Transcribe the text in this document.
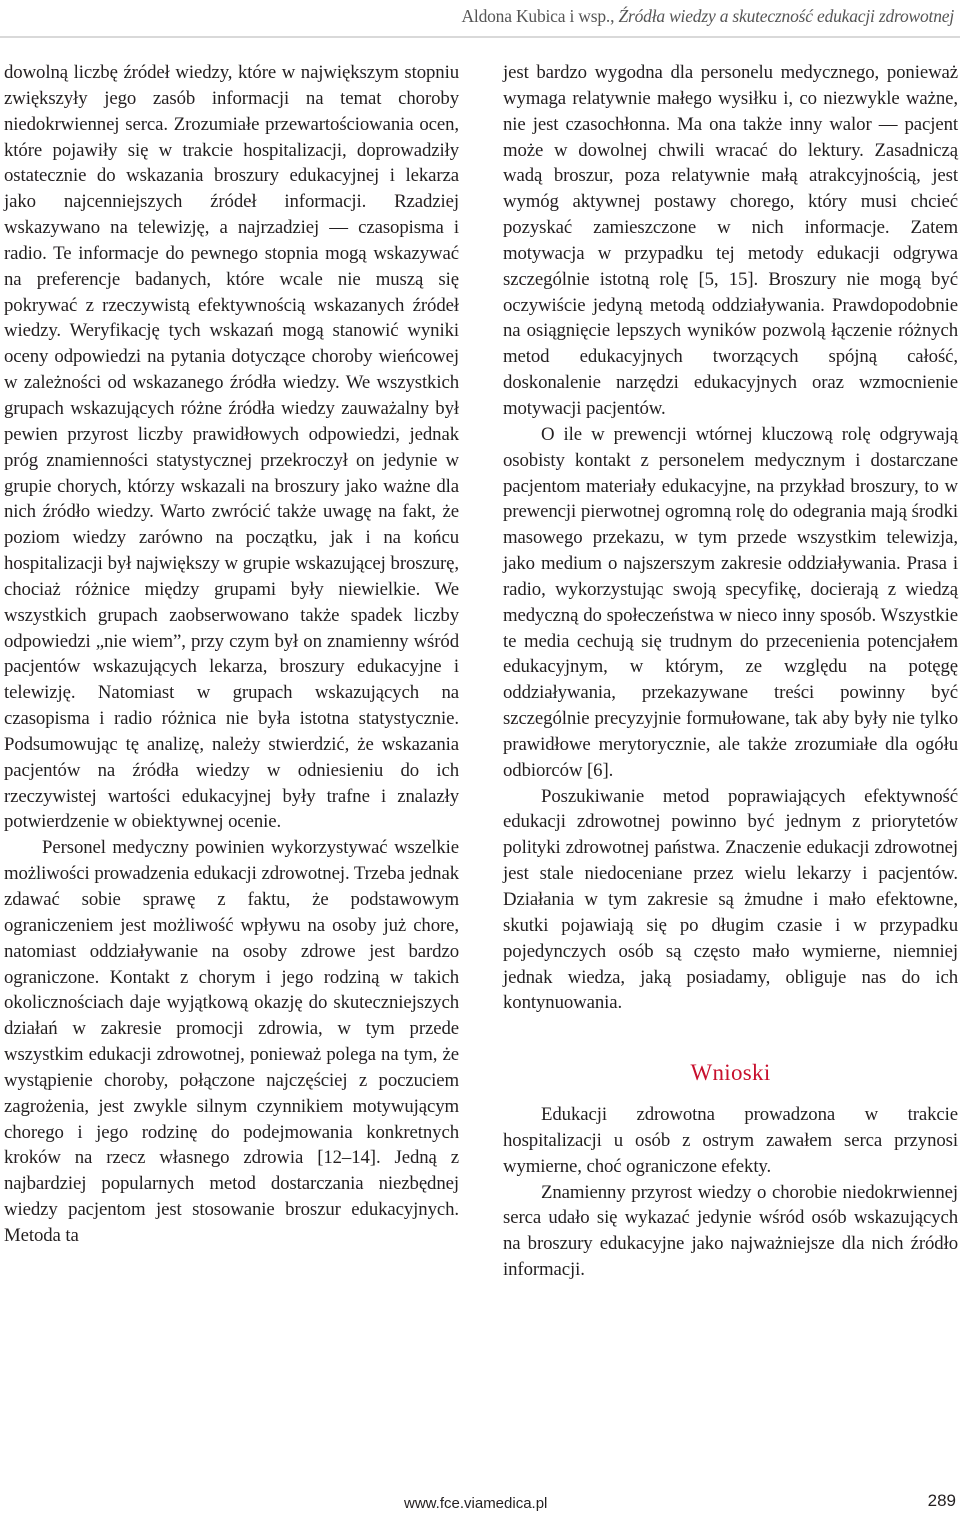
Aldona Kubica i wsp., Źródła wiedzy a skuteczność edukacji zdrowotnej

dowolną liczbę źródeł wiedzy, które w największym stopniu zwiększyły jego zasób informacji na temat choroby niedokrwiennej serca. Zrozumiałe przewartościowania ocen, które pojawiły się w trakcie hospitalizacji, doprowadziły ostatecznie do wskazania broszury edukacyjnej i lekarza jako najcenniejszych źródeł informacji. Rzadziej wskazywano na telewizję, a najrzadziej — czasopisma i radio. Te informacje do pewnego stopnia mogą wskazywać na preferencje badanych, które wcale nie muszą się pokrywać z rzeczywistą efektywnością wskazanych źródeł wiedzy. Weryfikację tych wskazań mogą stanowić wyniki oceny odpowiedzi na pytania dotyczące choroby wieńcowej w zależności od wskazanego źródła wiedzy. We wszystkich grupach wskazujących różne źródła wiedzy zauważalny był pewien przyrost liczby prawidłowych odpowiedzi, jednak próg znamienności statystycznej przekroczył on jedynie w grupie chorych, którzy wskazali na broszury jako ważne dla nich źródło wiedzy. Warto zwrócić także uwagę na fakt, że poziom wiedzy zarówno na początku, jak i na końcu hospitalizacji był największy w grupie wskazującej broszurę, chociaż różnice między grupami były niewielkie. We wszystkich grupach zaobserwowano także spadek liczby odpowiedzi „nie wiem”, przy czym był on znamienny wśród pacjentów wskazujących lekarza, broszury edukacyjne i telewizję. Natomiast w grupach wskazujących na czasopisma i radio różnica nie była istotna statystycznie. Podsumowując tę analizę, należy stwierdzić, że wskazania pacjentów na źródła wiedzy w odniesieniu do ich rzeczywistej wartości edukacyjnej były trafne i znalazły potwierdzenie w obiektywnej ocenie.

Personel medyczny powinien wykorzystywać wszelkie możliwości prowadzenia edukacji zdrowotnej. Trzeba jednak zdawać sobie sprawę z faktu, że podstawowym ograniczeniem jest możliwość wpływu na osoby już chore, natomiast oddziaływanie na osoby zdrowe jest bardzo ograniczone. Kontakt z chorym i jego rodziną w takich okolicznościach daje wyjątkową okazję do skuteczniejszych działań w zakresie promocji zdrowia, w tym przede wszystkim edukacji zdrowotnej, ponieważ polega na tym, że wystąpienie choroby, połączone najczęściej z poczuciem zagrożenia, jest zwykle silnym czynnikiem motywującym chorego i jego rodzinę do podejmowania konkretnych kroków na rzecz własnego zdrowia [12–14]. Jedną z najbardziej popularnych metod dostarczania niezbędnej wiedzy pacjentom jest stosowanie broszur edukacyjnych. Metoda ta

jest bardzo wygodna dla personelu medycznego, ponieważ wymaga relatywnie małego wysiłku i, co niezwykle ważne, nie jest czasochłonna. Ma ona także inny walor — pacjent może w dowolnej chwili wracać do lektury. Zasadniczą wadą broszur, poza relatywnie małą atrakcyjnością, jest wymóg aktywnej postawy chorego, który musi chcieć pozyskać zamieszczone w nich informacje. Zatem motywacja w przypadku tej metody edukacji odgrywa szczególnie istotną rolę [5, 15]. Broszury nie mogą być oczywiście jedyną metodą oddziaływania. Prawdopodobnie na osiągnięcie lepszych wyników pozwolą łączenie różnych metod edukacyjnych tworzących spójną całość, doskonalenie narzędzi edukacyjnych oraz wzmocnienie motywacji pacjentów.

O ile w prewencji wtórnej kluczową rolę odgrywają osobisty kontakt z personelem medycznym i dostarczane pacjentom materiały edukacyjne, na przykład broszury, to w prewencji pierwotnej ogromną rolę do odegrania mają środki masowego przekazu, w tym przede wszystkim telewizja, jako medium o najszerszym zakresie oddziaływania. Prasa i radio, wykorzystując swoją specyfikę, docierają z wiedzą medyczną do społeczeństwa w nieco inny sposób. Wszystkie te media cechują się trudnym do przecenienia potencjałem edukacyjnym, w którym, ze względu na potęgę oddziaływania, przekazywane treści powinny być szczególnie precyzyjnie formułowane, tak aby były nie tylko prawidłowe merytorycznie, ale także zrozumiałe dla ogółu odbiorców [6].

Poszukiwanie metod poprawiających efektywność edukacji zdrowotnej powinno być jednym z priorytetów polityki zdrowotnej państwa. Znaczenie edukacji zdrowotnej jest stale niedoceniane przez wielu lekarzy i pacjentów. Działania w tym zakresie są żmudne i mało efektowne, skutki pojawiają się po długim czasie i w przypadku pojedynczych osób są często mało wymierne, niemniej jednak wiedza, jaką posiadamy, obliguje nas do ich kontynuowania.

Wnioski

Edukacji zdrowotna prowadzona w trakcie hospitalizacji u osób z ostrym zawałem serca przynosi wymierne, choć ograniczone efekty.

Znamienny przyrost wiedzy o chorobie niedokrwiennej serca udało się wykazać jedynie wśród osób wskazujących na broszury edukacyjne jako najważniejsze dla nich źródło informacji.

www.fce.viamedica.pl	289
